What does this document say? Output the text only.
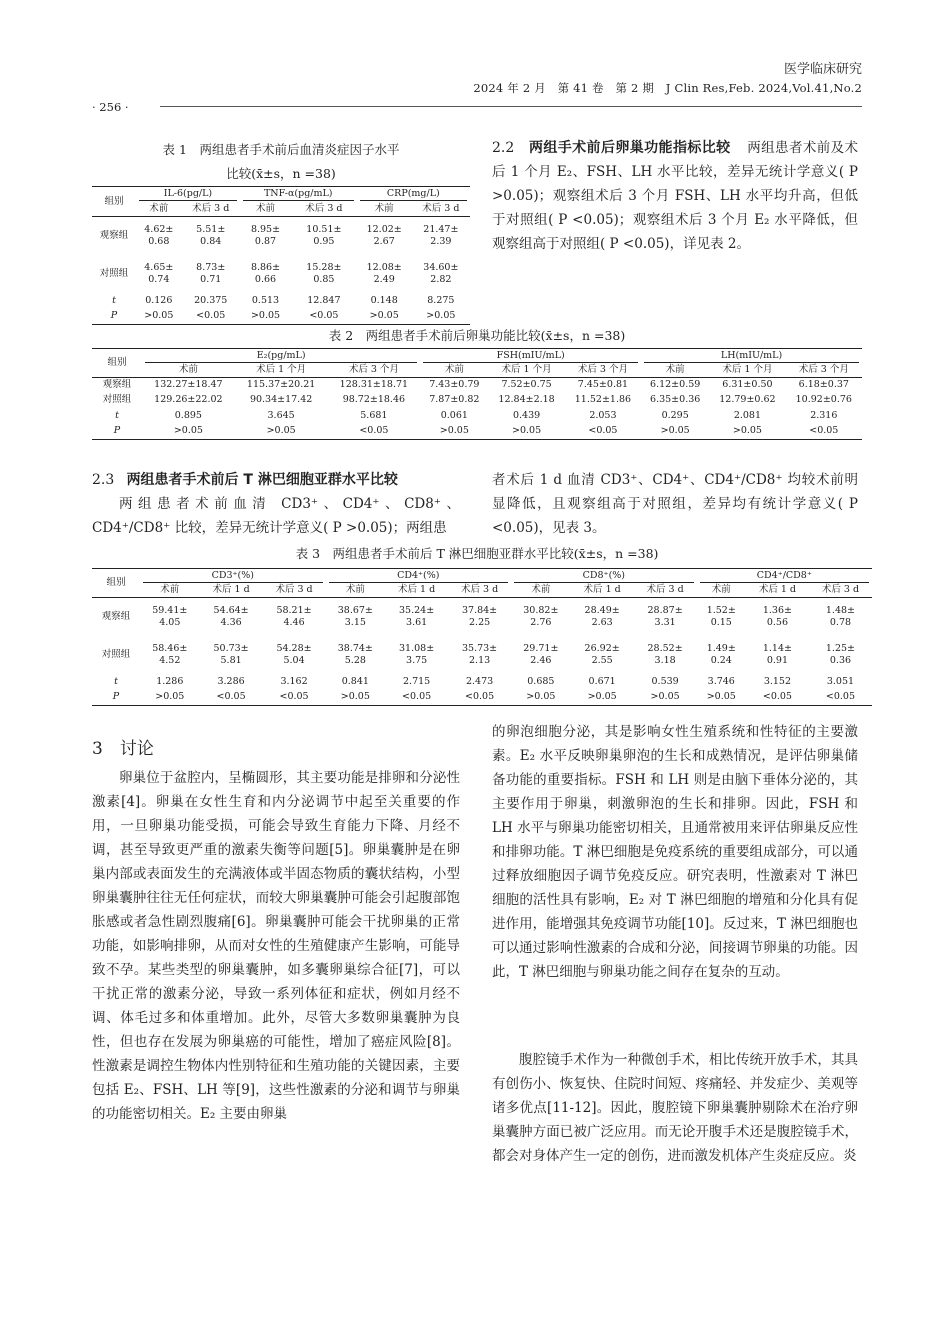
医学临床研究
2024 年 2 月　第 41 卷　第 2 期　J Clin Res,Feb. 2024,Vol.41,No.2
· 256 ·
表 1　两组患者手术前后血清炎症因子水平
比较(x̄±s，n =38)
组别	IL-6(pg/L)		TNF-α(pg/mL)		CRP(mg/L)	

	术前	术后 3 d	术前	术后 3 d	术前	术后 3 d
观察组	4.62±
0.68	5.51±
0.84	8.95±
0.87	10.51±
0.95	12.02±
2.67	21.47±
2.39
对照组	4.65±
0.74	8.73±
0.71	8.86±
0.66	15.28±
0.85	12.08±
2.49	34.60±
2.82
t	0.126	20.375	0.513	12.847	0.148	8.275
P	>0.05	<0.05	>0.05	<0.05	>0.05	>0.05
2.2 两组手术前后卵巢功能指标比较 两组患者术前及术后 1 个月 E₂、FSH、LH 水平比较，差异无统计学意义( P >0.05)；观察组术后 3 个月 FSH、LH 水平均升高，但低于对照组( P <0.05)；观察组术后 3 个月 E₂ 水平降低，但观察组高于对照组( P <0.05)，详见表 2。
表 2　两组患者手术前后卵巢功能比较(x̄±s，n =38)
组别	E₂(pg/mL)			FSH(mIU/mL)			LH(mIU/mL)		

	术前	术后 1 个月	术后 3 个月	术前	术后 1 个月	术后 3 个月	术前	术后 1 个月	术后 3 个月
观察组	132.27±18.47	115.37±20.21	128.31±18.71	7.43±0.79	7.52±0.75	7.45±0.81	6.12±0.59	6.31±0.50	6.18±0.37
对照组	129.26±22.02	90.34±17.42	98.72±18.46	7.87±0.82	12.84±2.18	11.52±1.86	6.35±0.36	12.79±0.62	10.92±0.76
t	0.895	3.645	5.681	0.061	0.439	2.053	0.295	2.081	2.316
P	>0.05	>0.05	<0.05	>0.05	>0.05	<0.05	>0.05	>0.05	<0.05
2.3 两组患者手术前后 T 淋巴细胞亚群水平比较
两组患者术前血清 CD3⁺、CD4⁺、CD8⁺、CD4⁺/CD8⁺ 比较，差异无统计学意义( P >0.05)；两组患
者术后 1 d 血清 CD3⁺、CD4⁺、CD4⁺/CD8⁺ 均较术前明显降低，且观察组高于对照组，差异均有统计学意义( P <0.05)，见表 3。
表 3　两组患者手术前后 T 淋巴细胞亚群水平比较(x̄±s，n =38)
组别	CD3⁺(%)			CD4⁺(%)			CD8⁺(%)			CD4⁺/CD8⁺		

	术前	术后 1 d	术后 3 d	术前	术后 1 d	术后 3 d	术前	术后 1 d	术后 3 d	术前	术后 1 d	术后 3 d
观察组	59.41±
4.05	54.64±
4.36	58.21±
4.46	38.67±
3.15	35.24±
3.61	37.84±
2.25	30.82±
2.76	28.49±
2.63	28.87±
3.31	1.52±
0.15	1.36±
0.56	1.48±
0.78
对照组	58.46±
4.52	50.73±
5.81	54.28±
5.04	38.74±
5.28	31.08±
3.75	35.73±
2.13	29.71±
2.46	26.92±
2.55	28.52±
3.18	1.49±
0.24	1.14±
0.91	1.25±
0.36
t	1.286	3.286	3.162	0.841	2.715	2.473	0.685	0.671	0.539	3.746	3.152	3.051
P	>0.05	<0.05	<0.05	>0.05	<0.05	<0.05	>0.05	>0.05	>0.05	>0.05	<0.05	<0.05
3　讨论
卵巢位于盆腔内，呈椭圆形，其主要功能是排卵和分泌性激素[4]。卵巢在女性生育和内分泌调节中起至关重要的作用，一旦卵巢功能受损，可能会导致生育能力下降、月经不调，甚至导致更严重的激素失衡等问题[5]。卵巢囊肿是在卵巢内部或表面发生的充满液体或半固态物质的囊状结构，小型卵巢囊肿往往无任何症状，而较大卵巢囊肿可能会引起腹部饱胀感或者急性剧烈腹痛[6]。卵巢囊肿可能会干扰卵巢的正常功能，如影响排卵，从而对女性的生殖健康产生影响，可能导致不孕。某些类型的卵巢囊肿，如多囊卵巢综合征[7]，可以干扰正常的激素分泌，导致一系列体征和症状，例如月经不调、体毛过多和体重增加。此外，尽管大多数卵巢囊肿为良性，但也存在发展为卵巢癌的可能性，增加了癌症风险[8]。性激素是调控生物体内性别特征和生殖功能的关键因素，主要包括 E₂、FSH、LH 等[9]，这些性激素的分泌和调节与卵巢的功能密切相关。E₂ 主要由卵巢
的卵泡细胞分泌，其是影响女性生殖系统和性特征的主要激素。E₂ 水平反映卵巢卵泡的生长和成熟情况，是评估卵巢储备功能的重要指标。FSH 和 LH 则是由脑下垂体分泌的，其主要作用于卵巢，刺激卵泡的生长和排卵。因此，FSH 和 LH 水平与卵巢功能密切相关，且通常被用来评估卵巢反应性和排卵功能。T 淋巴细胞是免疫系统的重要组成部分，可以通过释放细胞因子调节免疫反应。研究表明，性激素对 T 淋巴细胞的活性具有影响，E₂ 对 T 淋巴细胞的增殖和分化具有促进作用，能增强其免疫调节功能[10]。反过来，T 淋巴细胞也可以通过影响性激素的合成和分泌，间接调节卵巢的功能。因此，T 淋巴细胞与卵巢功能之间存在复杂的互动。
腹腔镜手术作为一种微创手术，相比传统开放手术，其具有创伤小、恢复快、住院时间短、疼痛轻、并发症少、美观等诸多优点[11-12]。因此，腹腔镜下卵巢囊肿剔除术在治疗卵巢囊肿方面已被广泛应用。而无论开腹手术还是腹腔镜手术，都会对身体产生一定的创伤，进而激发机体产生炎症反应。炎
